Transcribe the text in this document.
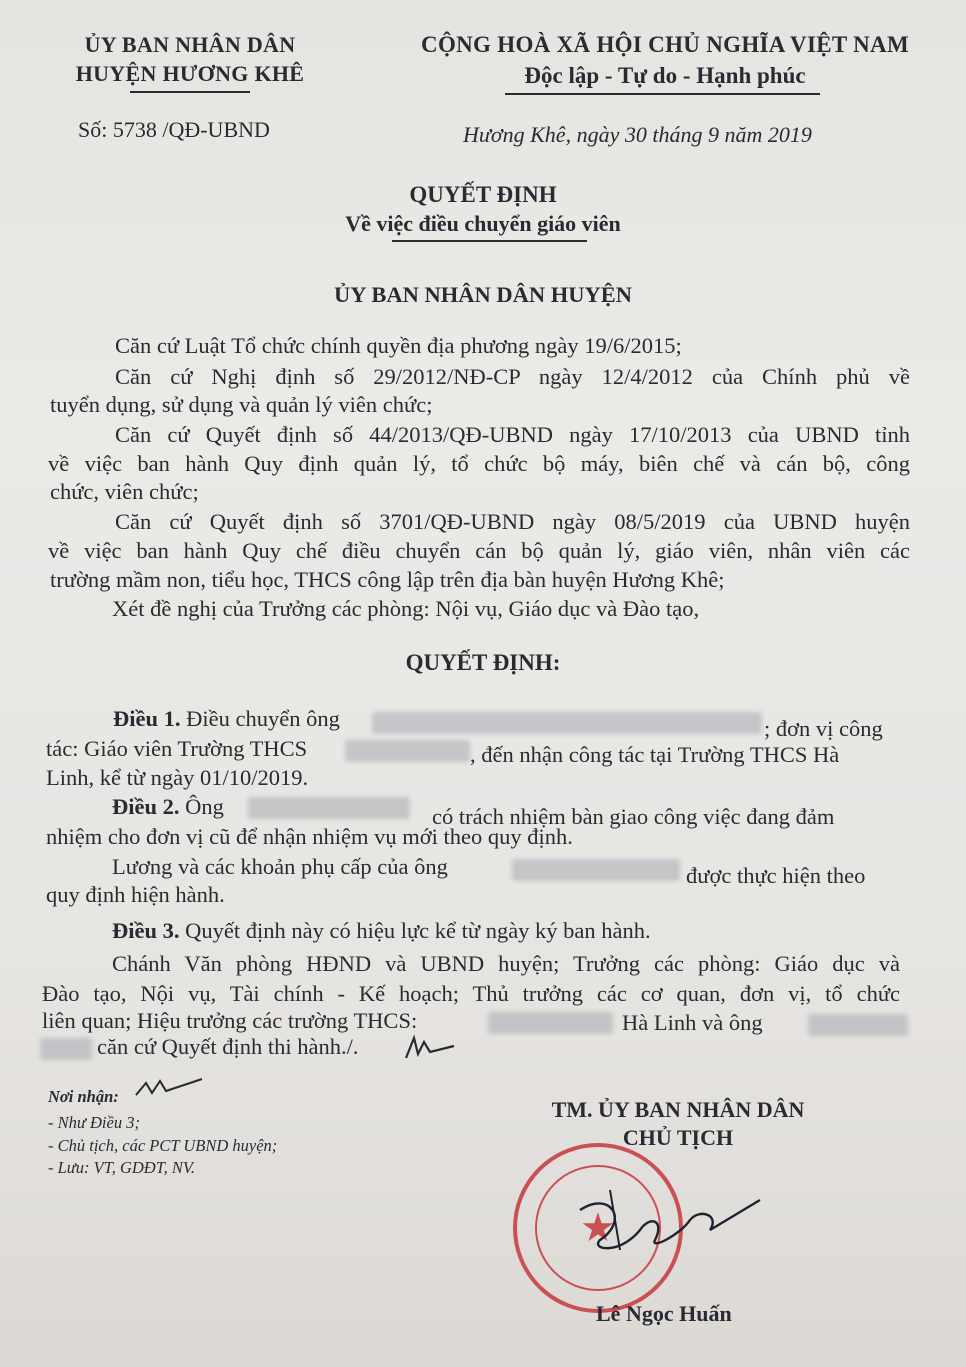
ỦY BAN NHÂN DÂN
HUYỆN HƯƠNG KHÊ
CỘNG HOÀ XÃ HỘI CHỦ NGHĨA VIỆT NAM
Độc lập - Tự do - Hạnh phúc
Số: 5738 /QĐ-UBND	Hương Khê, ngày 30 tháng 9 năm 2019
QUYẾT ĐỊNH
Về việc điều chuyển giáo viên
ỦY BAN NHÂN DÂN HUYỆN
Căn cứ Luật Tổ chức chính quyền địa phương ngày 19/6/2015;
Căn cứ Nghị định số 29/2012/NĐ-CP ngày 12/4/2012 của Chính phủ về
tuyển dụng, sử dụng và quản lý viên chức;
Căn cứ Quyết định số 44/2013/QĐ-UBND ngày 17/10/2013 của UBND tỉnh
về việc ban hành Quy định quản lý, tổ chức bộ máy, biên chế và cán bộ, công
chức, viên chức;
Căn cứ Quyết định số 3701/QĐ-UBND ngày 08/5/2019 của UBND huyện
về việc ban hành Quy chế điều chuyển cán bộ quản lý, giáo viên, nhân viên các
trường mầm non, tiểu học, THCS công lập trên địa bàn huyện Hương Khê;
Xét đề nghị của Trưởng các phòng: Nội vụ, Giáo dục và Đào tạo,
QUYẾT ĐỊNH:
Điều 1. Điều chuyển ông	; đơn vị công
tác: Giáo viên Trường THCS	, đến nhận công tác tại Trường THCS Hà
Linh, kể từ ngày 01/10/2019.
Điều 2. Ông	có trách nhiệm bàn giao công việc đang đảm
nhiệm cho đơn vị cũ để nhận nhiệm vụ mới theo quy định.
Lương và các khoản phụ cấp của ông	được thực hiện theo
quy định hiện hành.
Điều 3. Quyết định này có hiệu lực kể từ ngày ký ban hành.
Chánh Văn phòng HĐND và UBND huyện; Trưởng các phòng: Giáo dục và
Đào tạo, Nội vụ, Tài chính - Kế hoạch; Thủ trưởng các cơ quan, đơn vị, tổ chức
liên quan; Hiệu trưởng các trường THCS:	Hà Linh và ông
căn cứ Quyết định thi hành./.
Nơi nhận:
- Như Điều 3;
- Chủ tịch, các PCT UBND huyện;
- Lưu: VT, GDĐT, NV.
TM. ỦY BAN NHÂN DÂN
CHỦ TỊCH
★
Lê Ngọc Huấn
